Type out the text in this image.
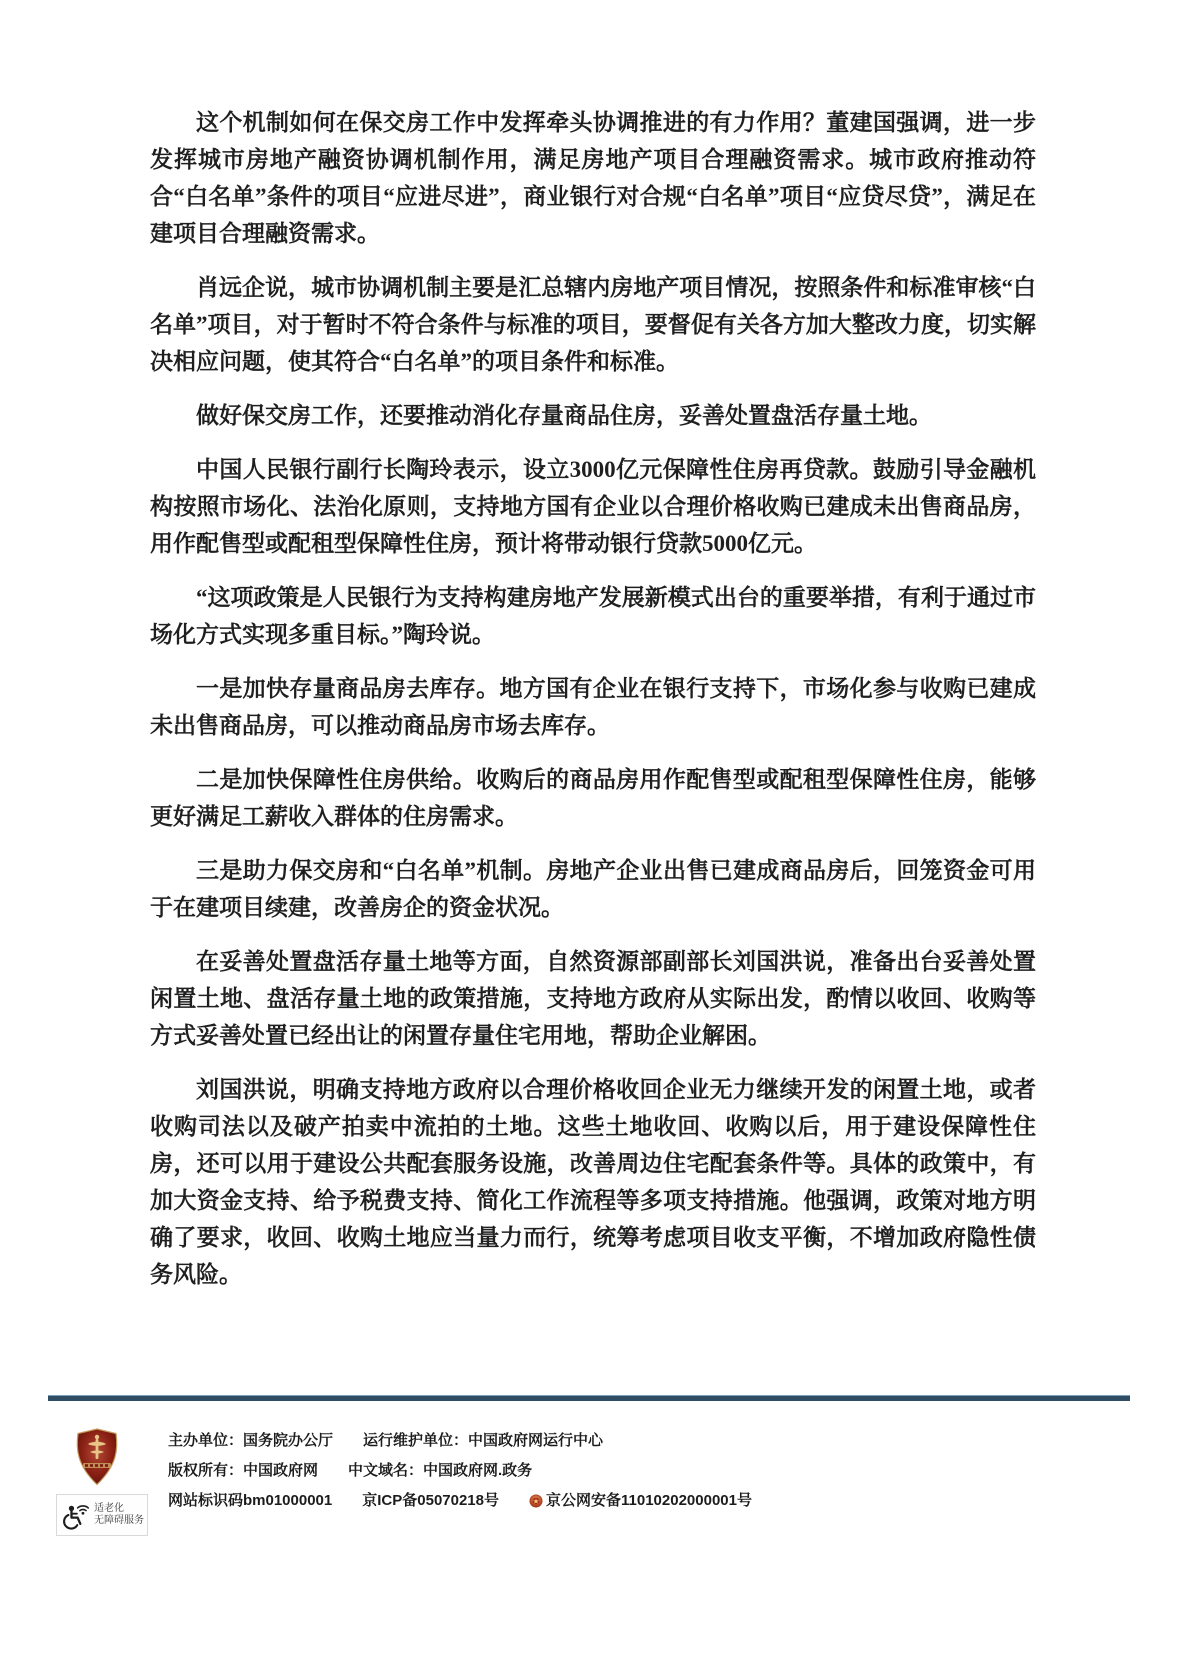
这个机制如何在保交房工作中发挥牵头协调推进的有力作用？董建国强调，进一步发挥城市房地产融资协调机制作用，满足房地产项目合理融资需求。城市政府推动符合“白名单”条件的项目“应进尽进”，商业银行对合规“白名单”项目“应贷尽贷”，满足在建项目合理融资需求。

肖远企说，城市协调机制主要是汇总辖内房地产项目情况，按照条件和标准审核“白名单”项目，对于暂时不符合条件与标准的项目，要督促有关各方加大整改力度，切实解决相应问题，使其符合“白名单”的项目条件和标准。

做好保交房工作，还要推动消化存量商品住房，妥善处置盘活存量土地。

中国人民银行副行长陶玲表示，设立3000亿元保障性住房再贷款。鼓励引导金融机构按照市场化、法治化原则，支持地方国有企业以合理价格收购已建成未出售商品房，用作配售型或配租型保障性住房，预计将带动银行贷款5000亿元。

“这项政策是人民银行为支持构建房地产发展新模式出台的重要举措，有利于通过市场化方式实现多重目标。”陶玲说。

一是加快存量商品房去库存。地方国有企业在银行支持下，市场化参与收购已建成未出售商品房，可以推动商品房市场去库存。

二是加快保障性住房供给。收购后的商品房用作配售型或配租型保障性住房，能够更好满足工薪收入群体的住房需求。

三是助力保交房和“白名单”机制。房地产企业出售已建成商品房后，回笼资金可用于在建项目续建，改善房企的资金状况。

在妥善处置盘活存量土地等方面，自然资源部副部长刘国洪说，准备出台妥善处置闲置土地、盘活存量土地的政策措施，支持地方政府从实际出发，酌情以收回、收购等方式妥善处置已经出让的闲置存量住宅用地，帮助企业解困。

刘国洪说，明确支持地方政府以合理价格收回企业无力继续开发的闲置土地，或者收购司法以及破产拍卖中流拍的土地。这些土地收回、收购以后，用于建设保障性住房，还可以用于建设公共配套服务设施，改善周边住宅配套条件等。具体的政策中，有加大资金支持、给予税费支持、简化工作流程等多项支持措施。他强调，政策对地方明确了要求，收回、收购土地应当量力而行，统筹考虑项目收支平衡，不增加政府隐性债务风险。

适老化
无障碍服务
主办单位：国务院办公厅 运行维护单位：中国政府网运行中心
版权所有：中国政府网 中文域名：中国政府网.政务
网站标识码bm01000001 京ICP备05070218号	京公网安备11010202000001号
